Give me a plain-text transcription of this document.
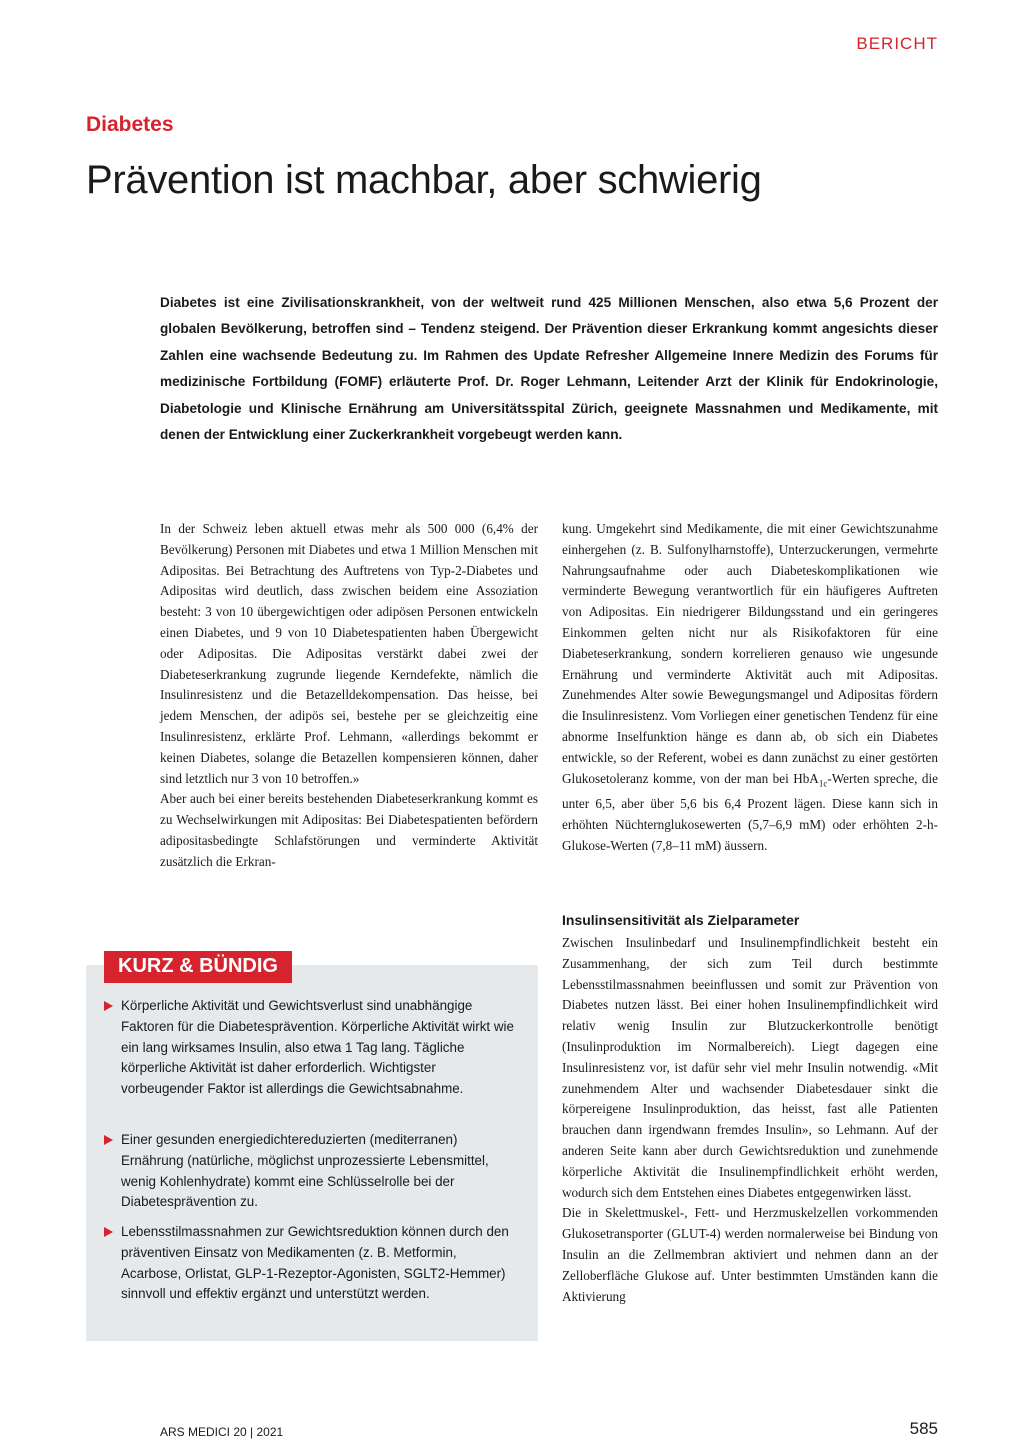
BERICHT
Diabetes
Prävention ist machbar, aber schwierig
Diabetes ist eine Zivilisationskrankheit, von der weltweit rund 425 Millionen Menschen, also etwa 5,6 Prozent der globalen Bevölkerung, betroffen sind – Tendenz steigend. Der Prävention dieser Erkrankung kommt angesichts dieser Zahlen eine wachsende Bedeutung zu. Im Rahmen des Update Refresher Allgemeine Innere Medizin des Forums für medizinische Fortbildung (FOMF) erläuterte Prof. Dr. Roger Lehmann, Leitender Arzt der Klinik für Endokrinologie, Diabetologie und Klinische Ernährung am Universitätsspital Zürich, geeignete Massnahmen und Medikamente, mit denen der Entwicklung einer Zuckerkrankheit vorgebeugt werden kann.

In der Schweiz leben aktuell etwas mehr als 500 000 (6,4% der Bevölkerung) Personen mit Diabetes und etwa 1 Million Menschen mit Adipositas. Bei Betrachtung des Auftretens von Typ-2-Diabetes und Adipositas wird deutlich, dass zwischen beidem eine Assoziation besteht: 3 von 10 übergewichtigen oder adipösen Personen entwickeln einen Diabetes, und 9 von 10 Diabetespatienten haben Übergewicht oder Adipositas. Die Adipositas verstärkt dabei zwei der Diabeteserkrankung zugrunde liegende Kerndefekte, nämlich die Insulinresistenz und die Betazelldekompensation. Das heisse, bei jedem Menschen, der adipös sei, bestehe per se gleichzeitig eine Insulinresistenz, erklärte Prof. Lehmann, «allerdings bekommt er keinen Diabetes, solange die Betazellen kompensieren können, daher sind letztlich nur 3 von 10 betroffen.»

Aber auch bei einer bereits bestehenden Diabeteserkrankung kommt es zu Wechselwirkungen mit Adipositas: Bei Diabetespatienten befördern adipositasbedingte Schlafstörungen und verminderte Aktivität zusätzlich die Erkran-

kung. Umgekehrt sind Medikamente, die mit einer Gewichtszunahme einhergehen (z. B. Sulfonylharnstoffe), Unterzuckerungen, vermehrte Nahrungsaufnahme oder auch Diabeteskomplikationen wie verminderte Bewegung verantwortlich für ein häufigeres Auftreten von Adipositas. Ein niedrigerer Bildungsstand und ein geringeres Einkommen gelten nicht nur als Risikofaktoren für eine Diabeteserkrankung, sondern korrelieren genauso wie ungesunde Ernährung und verminderte Aktivität auch mit Adipositas. Zunehmendes Alter sowie Bewegungsmangel und Adipositas fördern die Insulinresistenz. Vom Vorliegen einer genetischen Tendenz für eine abnorme Inselfunktion hänge es dann ab, ob sich ein Diabetes entwickle, so der Referent, wobei es dann zunächst zu einer gestörten Glukosetoleranz komme, von der man bei HbA$_{1c}$-Werten spreche, die unter 6,5, aber über 5,6 bis 6,4 Prozent lägen. Diese kann sich in erhöhten Nüchternglukosewerten (5,7–6,9 mM) oder erhöhten 2-h-Glukose-Werten (7,8–11 mM) äussern.

Insulinsensitivität als Zielparameter

Zwischen Insulinbedarf und Insulinempfindlichkeit besteht ein Zusammenhang, der sich zum Teil durch bestimmte Lebensstilmassnahmen beeinflussen und somit zur Prävention von Diabetes nutzen lässt. Bei einer hohen Insulinempfindlichkeit wird relativ wenig Insulin zur Blutzuckerkontrolle benötigt (Insulinproduktion im Normalbereich). Liegt dagegen eine Insulinresistenz vor, ist dafür sehr viel mehr Insulin notwendig. «Mit zunehmendem Alter und wachsender Diabetesdauer sinkt die körpereigene Insulinproduktion, das heisst, fast alle Patienten brauchen dann irgendwann fremdes Insulin», so Lehmann. Auf der anderen Seite kann aber durch Gewichtsreduktion und zunehmende körperliche Aktivität die Insulinempfindlichkeit erhöht werden, wodurch sich dem Entstehen eines Diabetes entgegenwirken lässt.

Die in Skelettmuskel-, Fett- und Herzmuskelzellen vorkommenden Glukosetransporter (GLUT-4) werden normalerweise bei Bindung von Insulin an die Zellmembran aktiviert und nehmen dann an der Zelloberfläche Glukose auf. Unter bestimmten Umständen kann die Aktivierung

KURZ & BÜNDIG
Körperliche Aktivität und Gewichtsverlust sind unabhängige Faktoren für die Diabetesprävention. Körperliche Aktivität wirkt wie ein lang wirksames Insulin, also etwa 1 Tag lang. Tägliche körperliche Aktivität ist daher erforderlich. Wichtigster vorbeugender Faktor ist allerdings die Gewichtsabnahme.
Einer gesunden energiedichtereduzierten (mediterranen) Ernährung (natürliche, möglichst unprozessierte Lebensmittel, wenig Kohlenhydrate) kommt eine Schlüsselrolle bei der Diabetesprävention zu.
Lebensstilmassnahmen zur Gewichtsreduktion können durch den präventiven Einsatz von Medikamenten (z. B. Metformin, Acarbose, Orlistat, GLP-1-Rezeptor-Agonisten, SGLT2-Hemmer) sinnvoll und effektiv ergänzt und unterstützt werden.
ARS MEDICI 20 | 2021	585
